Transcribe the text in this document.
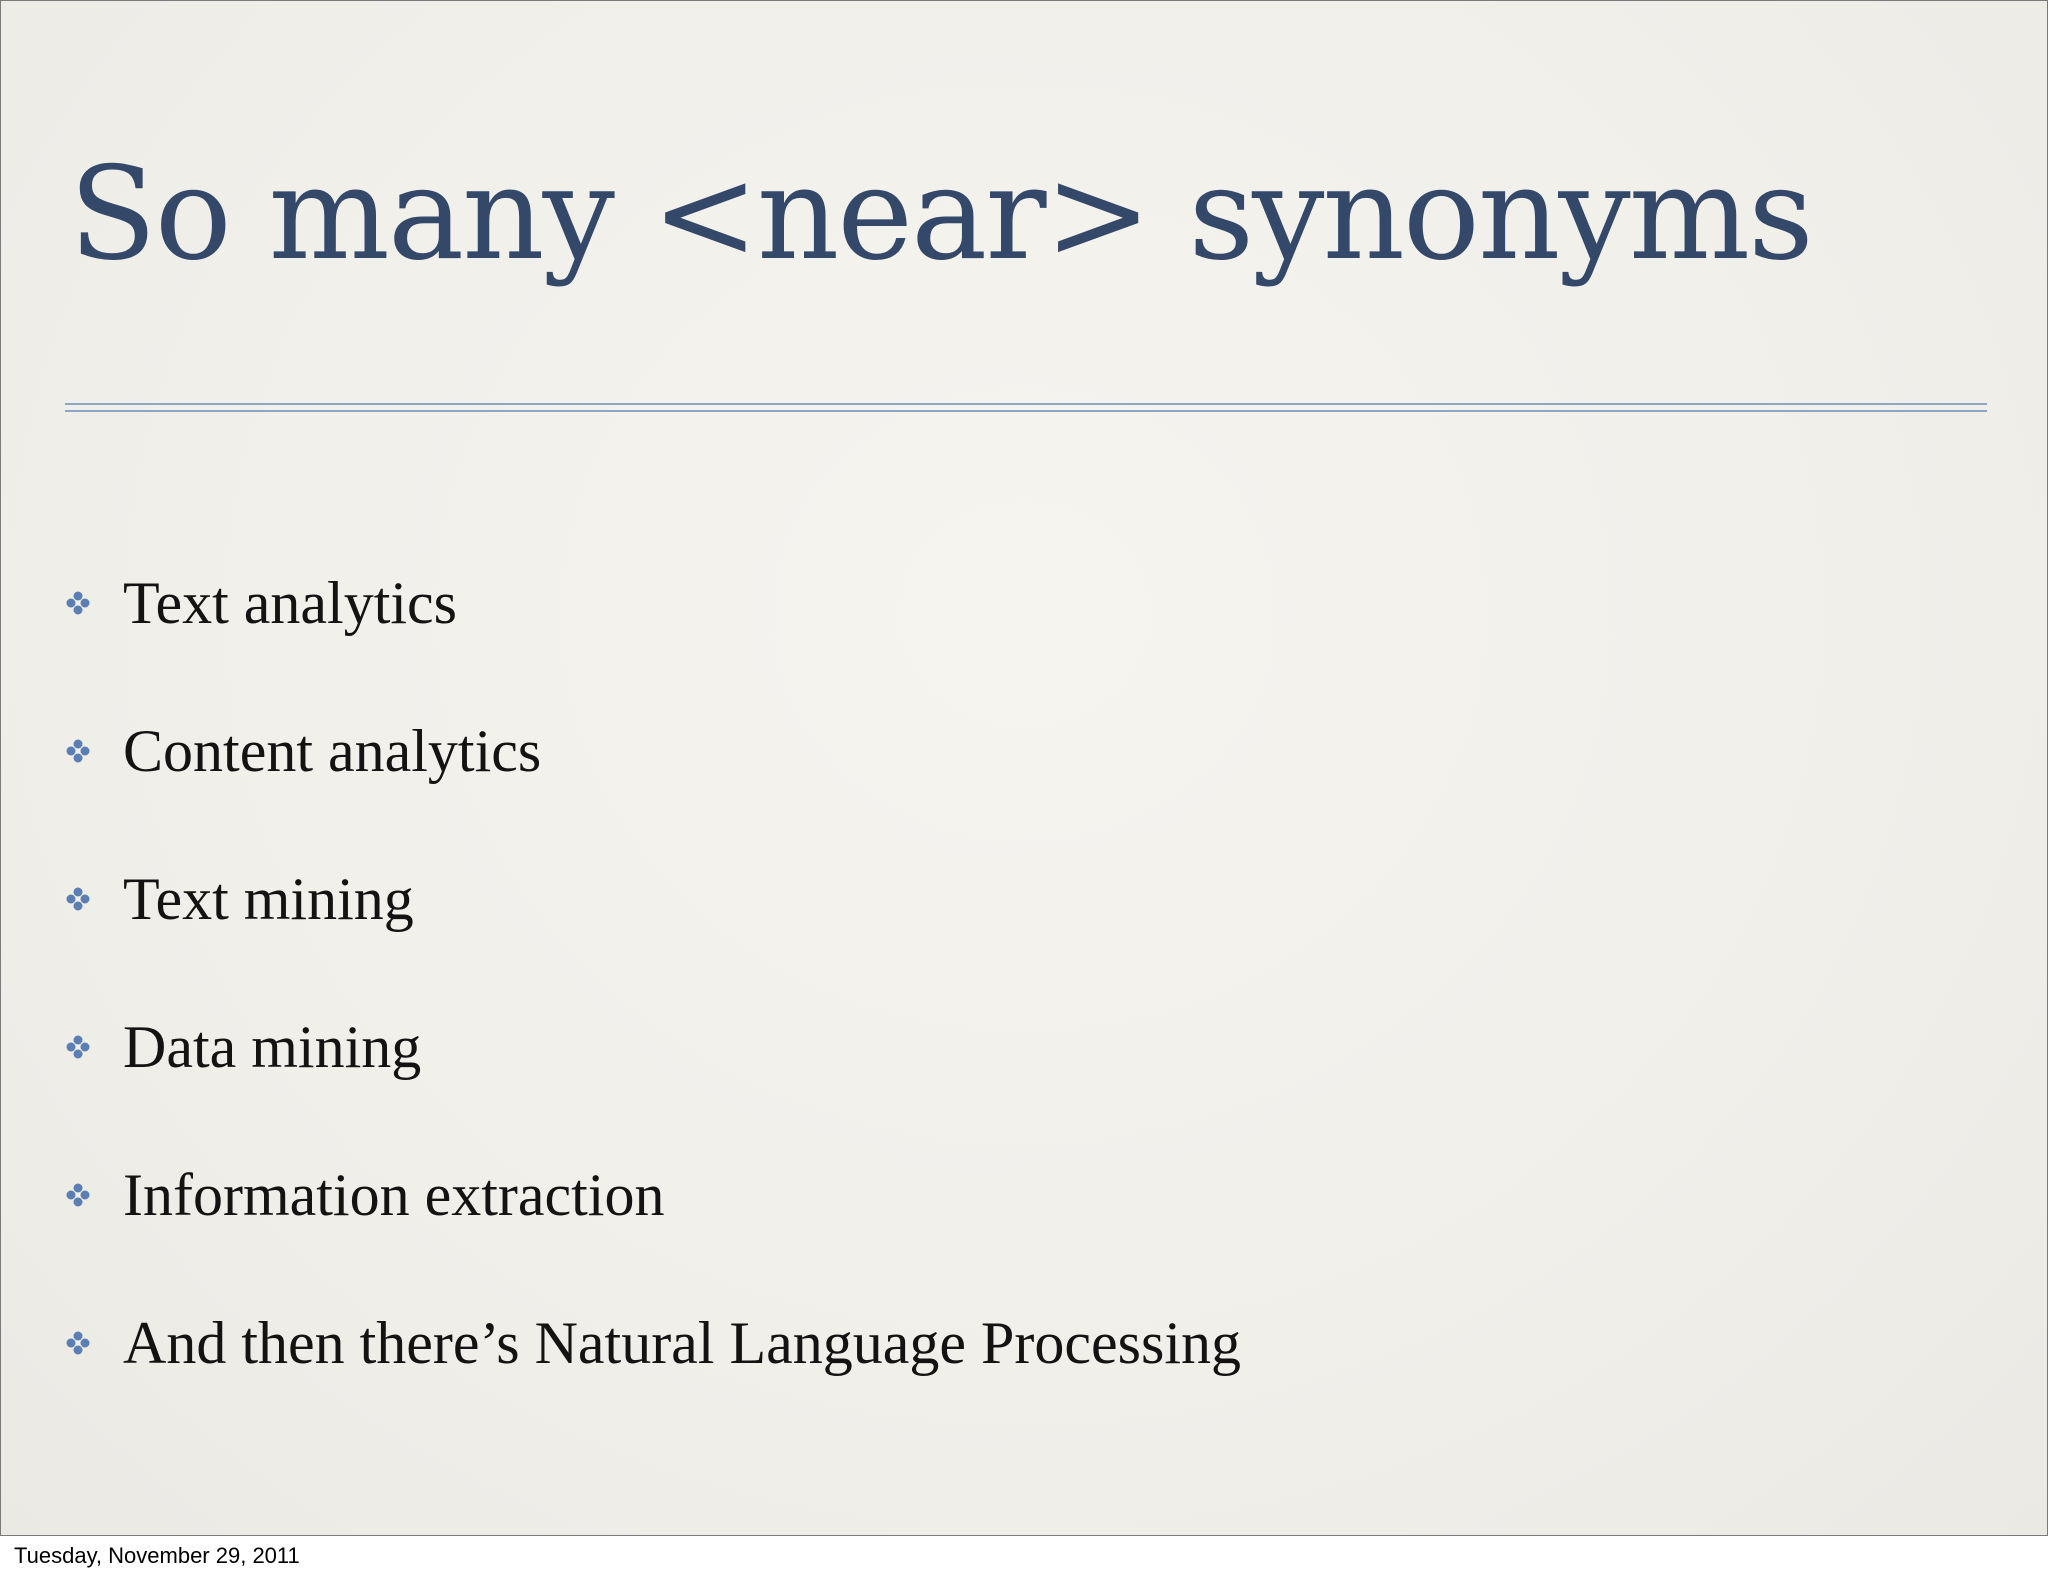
So many <near> synonyms
Text analytics
Content analytics
Text mining
Data mining
Information extraction
And then there’s Natural Language Processing
Tuesday, November 29, 2011
